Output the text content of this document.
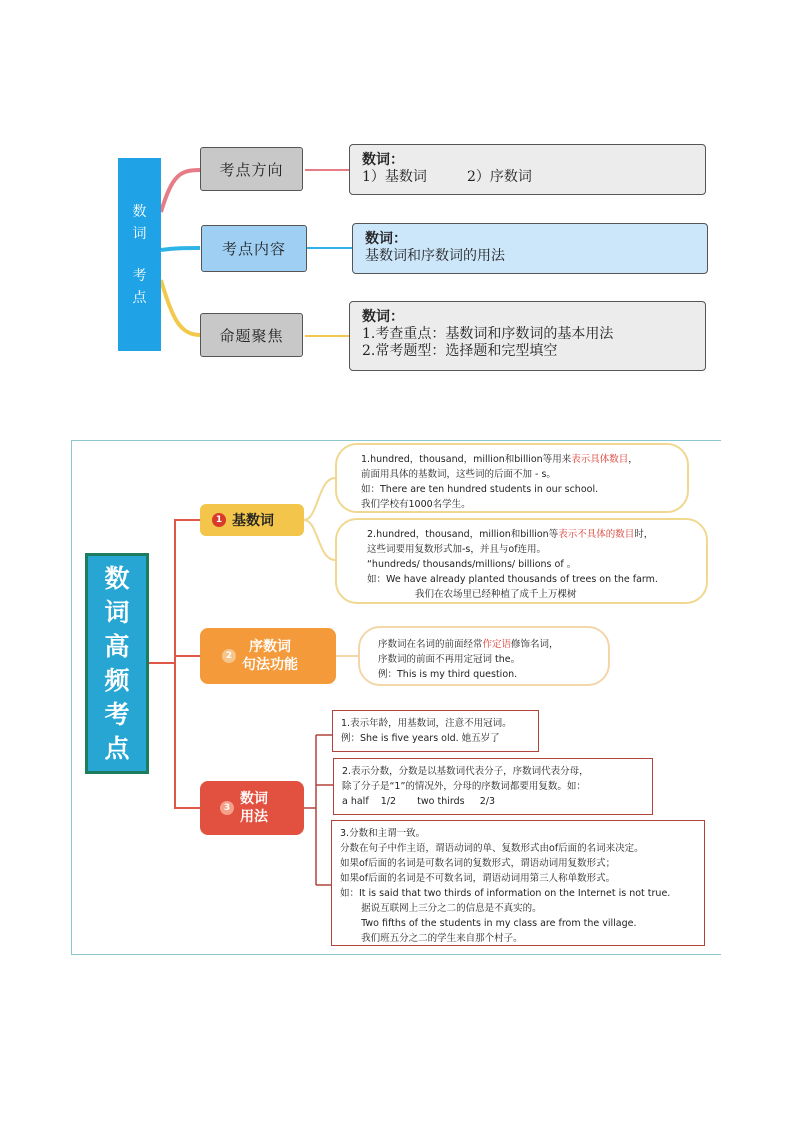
数
词
考
点
考点方向
考点内容
命题聚焦
数词：
1）基数词         2）序数词
数词：
基数词和序数词的用法
数词：
1.考查重点：基数词和序数词的基本用法
2.常考题型：选择题和完型填空
数
词
高
频
考
点
1 基数词
2
序数词
句法功能
3
数词
用法
1.hundred，thousand，million和billion等用来表示具体数目，
前面用具体的基数词，这些词的后面不加 - s。
如：There are ten hundred students in our school.
我们学校有1000名学生。
2.hundred，thousand，million和billion等表示不具体的数目时，
这些词要用复数形式加-s，并且与of连用。
“hundreds/ thousands/millions/ billions of 。
如：We have already planted thousands of trees on the farm.
我们在农场里已经种植了成千上万棵树
序数词在名词的前面经常作定语修饰名词，
序数词的前面不再用定冠词 the。
例：This is my third question.
1.表示年龄，用基数词，注意不用冠词。
例：She is five years old. 她五岁了
2.表示分数，分数是以基数词代表分子，序数词代表分母，
除了分子是“1”的情况外，分母的序数词都要用复数。如：
a half    1/2       two thirds     2/3
3.分数和主谓一致。
分数在句子中作主语，谓语动词的单、复数形式由of后面的名词来决定。
如果of后面的名词是可数名词的复数形式，谓语动词用复数形式；
如果of后面的名词是不可数名词，谓语动词用第三人称单数形式。
如：It is said that two thirds of information on the Internet is not true.
据说互联网上三分之二的信息是不真实的。
Two fifths of the students in my class are from the village.
我们班五分之二的学生来自那个村子。
